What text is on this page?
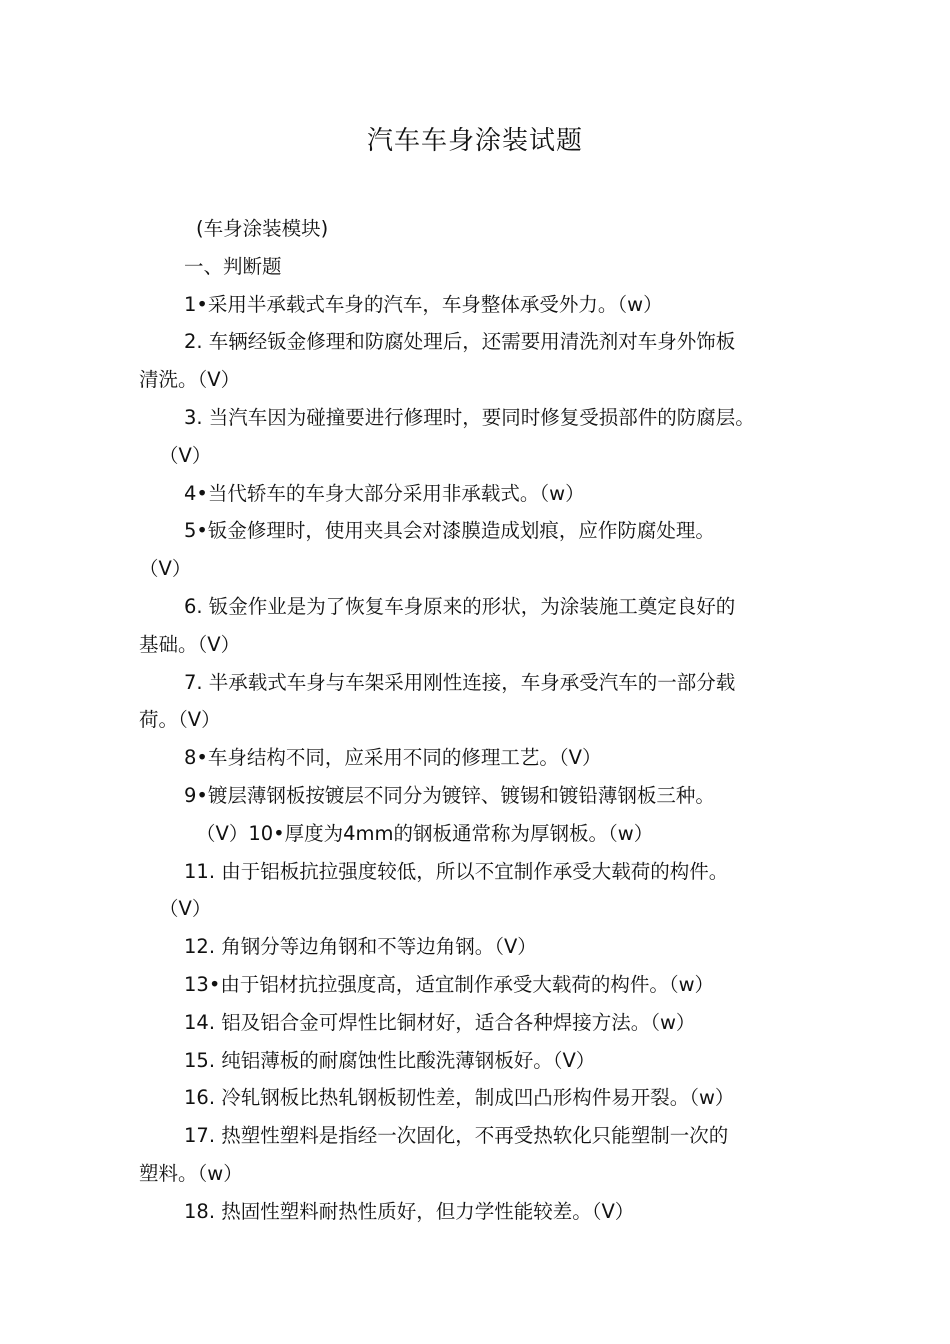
汽车车身涂装试题
(车身涂装模块)
一、判断题
1•采用半承载式车身的汽车，车身整体承受外力。（w）
2. 车辆经钣金修理和防腐处理后，还需要用清洗剂对车身外饰板
清洗。（V）
3. 当汽车因为碰撞要进行修理时，要同时修复受损部件的防腐层。
（V）
4•当代轿车的车身大部分采用非承载式。（w）
5•钣金修理时，使用夹具会对漆膜造成划痕，应作防腐处理。
（V）
6. 钣金作业是为了恢复车身原来的形状，为涂装施工奠定良好的
基础。（V）
7. 半承载式车身与车架采用刚性连接，车身承受汽车的一部分载
荷。（V）
8•车身结构不同，应采用不同的修理工艺。（V）
9•镀层薄钢板按镀层不同分为镀锌、镀锡和镀铅薄钢板三种。
（V）10•厚度为4mm的钢板通常称为厚钢板。（w）
11. 由于铝板抗拉强度较低，所以不宜制作承受大载荷的构件。
（V）
12. 角钢分等边角钢和不等边角钢。（V）
13•由于铝材抗拉强度高，适宜制作承受大载荷的构件。（w）
14. 铝及铝合金可焊性比铜材好，适合各种焊接方法。（w）
15. 纯铝薄板的耐腐蚀性比酸洗薄钢板好。（V）
16. 冷轧钢板比热轧钢板韧性差，制成凹凸形构件易开裂。（w）
17. 热塑性塑料是指经一次固化，不再受热软化只能塑制一次的
塑料。（w）
18. 热固性塑料耐热性质好，但力学性能较差。（V）
